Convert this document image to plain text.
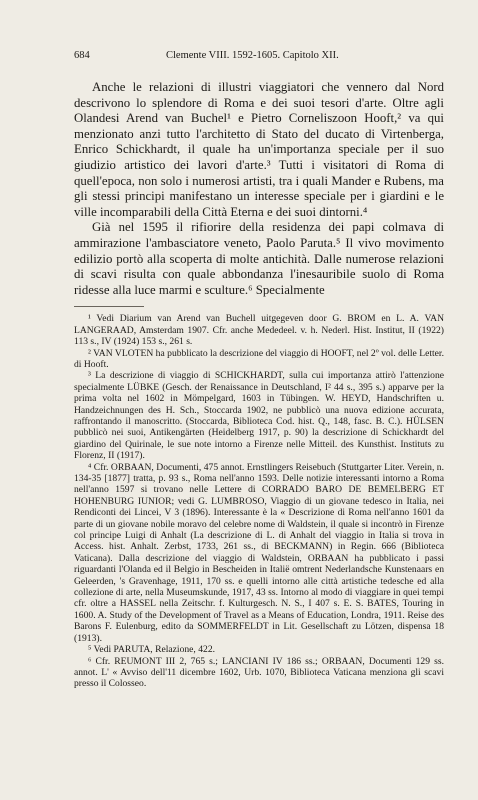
684	Clemente VIII. 1592-1605. Capitolo XII.

Anche le relazioni di illustri viaggiatori che vennero dal Nord descrivono lo splendore di Roma e dei suoi tesori d'arte. Oltre agli Olandesi Arend van Buchel¹ e Pietro Corneliszoon Hooft,² va qui menzionato anzi tutto l'architetto di Stato del ducato di Virtenberga, Enrico Schickhardt, il quale ha un'importanza speciale per il suo giudizio artistico dei lavori d'arte.³ Tutti i visitatori di Roma di quell'epoca, non solo i numerosi artisti, tra i quali Mander e Rubens, ma gli stessi principi manifestano un interesse speciale per i giardini e le ville incomparabili della Città Eterna e dei suoi dintorni.⁴

Già nel 1595 il rifiorire della residenza dei papi colmava di ammirazione l'ambasciatore veneto, Paolo Paruta.⁵ Il vivo movimento edilizio portò alla scoperta di molte antichità. Dalle numerose relazioni di scavi risulta con quale abbondanza l'inesauribile suolo di Roma ridesse alla luce marmi e sculture.⁶ Specialmente

¹ Vedi Diarium van Arend van Buchell uitgegeven door G. BROM en L. A. VAN LANGERAAD, Amsterdam 1907. Cfr. anche Mededeel. v. h. Nederl. Hist. Institut, II (1922) 113 s., IV (1924) 153 s., 261 s.

² VAN VLOTEN ha pubblicato la descrizione del viaggio di HOOFT, nel 2º vol. delle Letter. di Hooft.

³ La descrizione di viaggio di SCHICKHARDT, sulla cui importanza attirò l'attenzione specialmente LÜBKE (Gesch. der Renaissance in Deutschland, I² 44 s., 395 s.) apparve per la prima volta nel 1602 in Mömpelgard, 1603 in Tübingen. W. HEYD, Handschriften u. Handzeichnungen des H. Sch., Stoccarda 1902, ne pubblicò una nuova edizione accurata, raffrontando il manoscritto. (Stoccarda, Biblioteca Cod. hist. Q., 148, fasc. B. C.). HÜLSEN pubblicò nei suoi, Antikengärten (Heidelberg 1917, p. 90) la descrizione di Schickhardt del giardino del Quirinale, le sue note intorno a Firenze nelle Mitteil. des Kunsthist. Instituts zu Florenz, II (1917).

⁴ Cfr. ORBAAN, Documenti, 475 annot. Ernstlingers Reisebuch (Stuttgarter Liter. Verein, n. 134-35 [1877] tratta, p. 93 s., Roma nell'anno 1593. Delle notizie interessanti intorno a Roma nell'anno 1597 si trovano nelle Lettere di CORRADO BARO DE BEMELBERG ET HOHENBURG IUNIOR; vedi G. LUMBROSO, Viaggio di un giovane tedesco in Italia, nei Rendiconti dei Lincei, V 3 (1896). Interessante è la « Descrizione di Roma nell'anno 1601 da parte di un giovane nobile moravo del celebre nome di Waldstein, il quale si incontrò in Firenze col principe Luigi di Anhalt (La descrizione di L. di Anhalt del viaggio in Italia si trova in Access. hist. Anhalt. Zerbst, 1733, 261 ss., di BECKMANN) in Regin. 666 (Biblioteca Vaticana). Dalla descrizione del viaggio di Waldstein, ORBAAN ha pubblicato i passi riguardanti l'Olanda ed il Belgio in Bescheiden in Italië omtrent Nederlandsche Kunstenaars en Geleerden, 's Gravenhage, 1911, 170 ss. e quelli intorno alle città artistiche tedesche ed alla collezione di arte, nella Museumskunde, 1917, 43 ss. Intorno al modo di viaggiare in quei tempi cfr. oltre a HASSEL nella Zeitschr. f. Kulturgesch. N. S., I 407 s. E. S. BATES, Touring in 1600. A. Study of the Development of Travel as a Means of Education, Londra, 1911. Reise des Barons F. Eulenburg, edito da SOMMERFELDT in Lit. Gesellschaft zu Lötzen, dispensa 18 (1913).

⁵ Vedi PARUTA, Relazione, 422.

⁶ Cfr. REUMONT III 2, 765 s.; LANCIANI IV 186 ss.; ORBAAN, Documenti 129 ss. annot. L' « Avviso dell'11 dicembre 1602, Urb. 1070, Biblioteca Vaticana menziona gli scavi presso il Colosseo.
